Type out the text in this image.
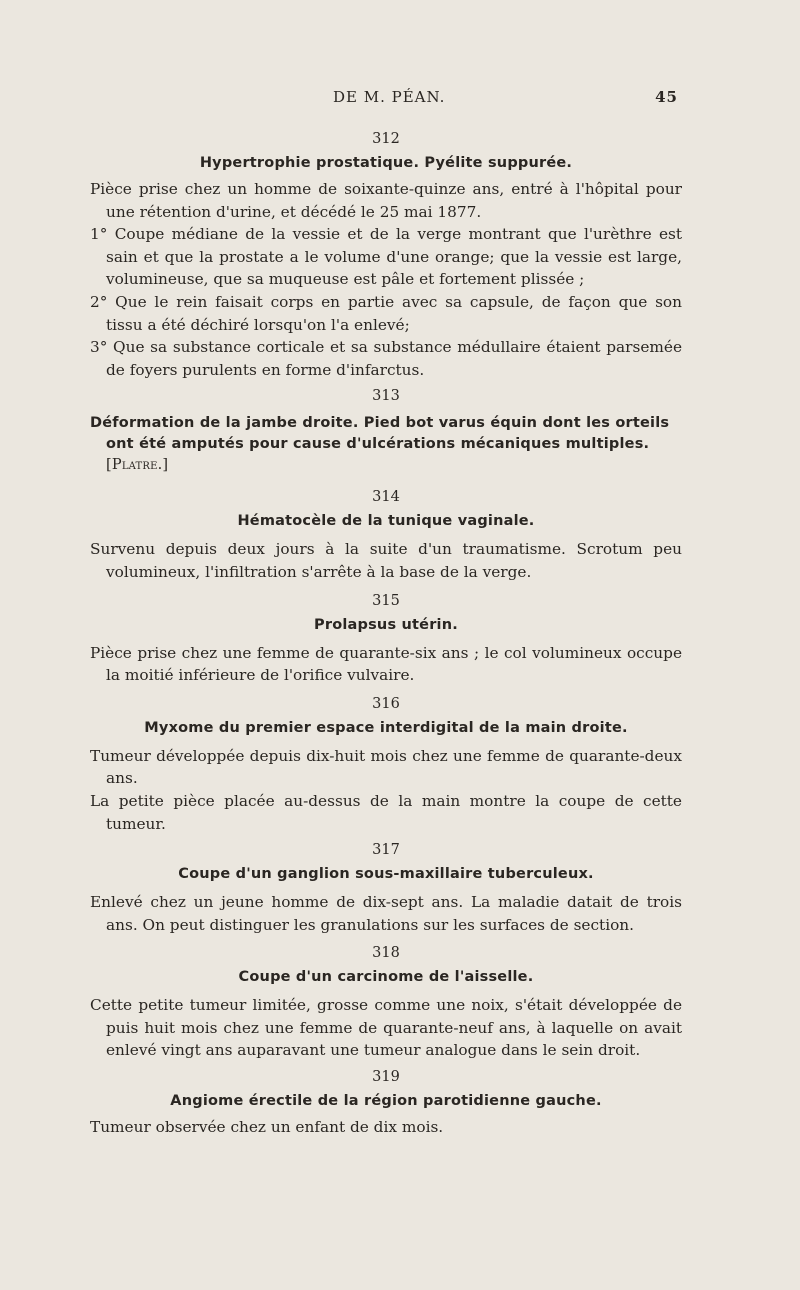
DE M. PÉAN.	45

312

Hypertrophie prostatique. Pyélite suppurée.

Pièce prise chez un homme de soixante-quinze ans, entré à l'hôpital pour une rétention d'urine, et décédé le 25 mai 1877.

1° Coupe médiane de la vessie et de la verge montrant que l'urèthre est sain et que la prostate a le volume d'une orange; que la vessie est large, volumineuse, que sa muqueuse est pâle et fortement plissée ;

2° Que le rein faisait corps en partie avec sa capsule, de façon que son tissu a été déchiré lorsqu'on l'a enlevé;

3° Que sa substance corticale et sa substance médullaire étaient parsemée de foyers purulents en forme d'infarctus.

313

Déformation de la jambe droite. Pied bot varus équin dont les orteils ont été amputés pour cause d'ulcérations mécaniques multiples. [Platre.]

314

Hématocèle de la tunique vaginale.

Survenu depuis deux jours à la suite d'un traumatisme. Scrotum peu volumineux, l'infiltration s'arrête à la base de la verge.

315

Prolapsus utérin.

Pièce prise chez une femme de quarante-six ans ; le col volumineux occupe la moitié inférieure de l'orifice vulvaire.

316

Myxome du premier espace interdigital de la main droite.

Tumeur développée depuis dix-huit mois chez une femme de quarante-deux ans.

La petite pièce placée au-dessus de la main montre la coupe de cette tumeur.

317

Coupe d'un ganglion sous-maxillaire tuberculeux.

Enlevé chez un jeune homme de dix-sept ans. La maladie datait de trois ans. On peut distinguer les granulations sur les surfaces de section.

318

Coupe d'un carcinome de l'aisselle.

Cette petite tumeur limitée, grosse comme une noix, s'était développée de puis huit mois chez une femme de quarante-neuf ans, à laquelle on avait enlevé vingt ans auparavant une tumeur analogue dans le sein droit.

319

Angiome érectile de la région parotidienne gauche.

Tumeur observée chez un enfant de dix mois.
